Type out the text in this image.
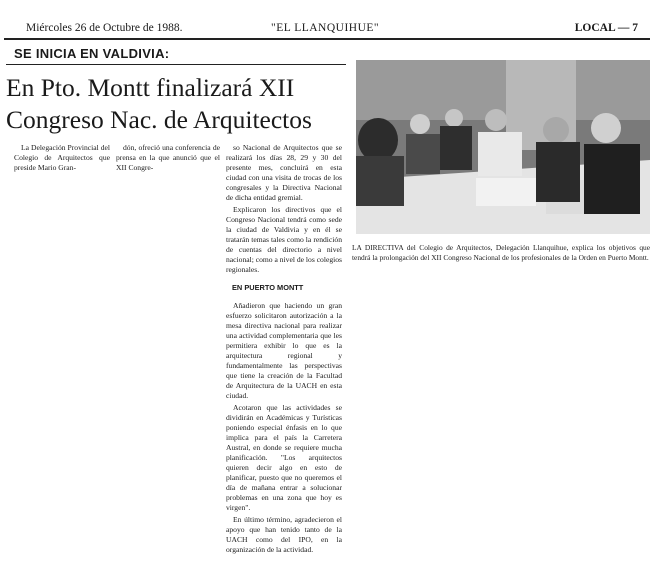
Miércoles 26 de Octubre de 1988.	"EL LLANQUIHUE"	LOCAL — 7
SE INICIA EN VALDIVIA:
En Pto. Montt finalizará XII
Congreso Nac. de Arquitectos

La Delegación Provincial del Colegio de Arquitectos que preside Mario Gran-

dón, ofreció una conferencia de prensa en la que anunció que el XII Congre-

so Nacional de Arquitectos que se realizará los días 28, 29 y 30 del presente mes, concluirá en esta ciudad con una visita de trocas de los congresales y la Directiva Nacional de dicha entidad gremial.

Explicaron los directivos que el Congreso Nacional tendrá como sede la ciudad de Valdivia y en él se tratarán temas tales como la rendición de cuentas del directorio a nivel nacional; como a nivel de los colegios regionales.

EN PUERTO MONTT

Añadieron que haciendo un gran esfuerzo solicitaron autorización a la mesa directiva nacional para realizar una actividad complementaria que les permitiera exhibir lo que es la arquitectura regional y fundamentalmente las perspectivas que tiene la creación de la Facultad de Arquitectura de la UACH en esta ciudad.

Acotaron que las actividades se dividirán en Académicas y Turísticas poniendo especial énfasis en lo que implica para el país la Carretera Austral, en donde se requiere mucha planificación. "Los arquitectos quieren decir algo en esto de planificar, puesto que no queremos el día de mañana entrar a solucionar problemas en una zona que hoy es virgen".

En último término, agradecieron el apoyo que han tenido tanto de la UACH como del IPO, en la organización de la actividad.

LA DIRECTIVA del Colegio de Arquitectos, Delegación Llanquihue, explica los objetivos que tendrá la prolongación del XII Congreso Nacional de los profesionales de la Orden en Puerto Montt.
